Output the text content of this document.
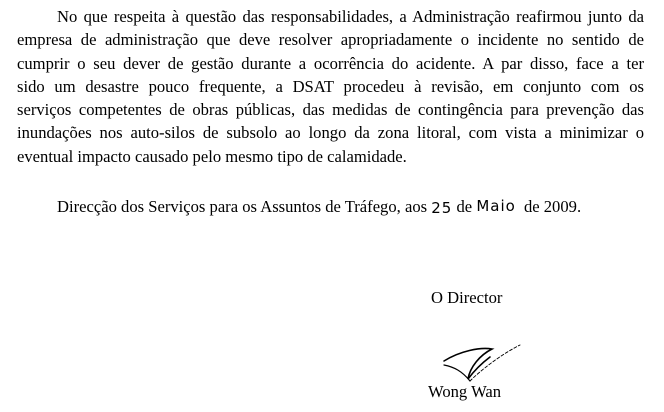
No que respeita à questão das responsabilidades, a Administração reafirmou junto da
empresa de administração que deve resolver apropriadamente o incidente no sentido de
cumprir o seu dever de gestão durante a ocorrência do acidente. A par disso, face a ter
sido um desastre pouco frequente, a DSAT procedeu à revisão, em conjunto com os
serviços competentes de obras públicas, das medidas de contingência para prevenção das
inundações nos auto-silos de subsolo ao longo da zona litoral, com vista a minimizar o
eventual impacto causado pelo mesmo tipo de calamidade.

Direcção dos Serviços para os Assuntos de Tráfego, aos 25 de Maio de 2009.

O Director

Wong Wan
